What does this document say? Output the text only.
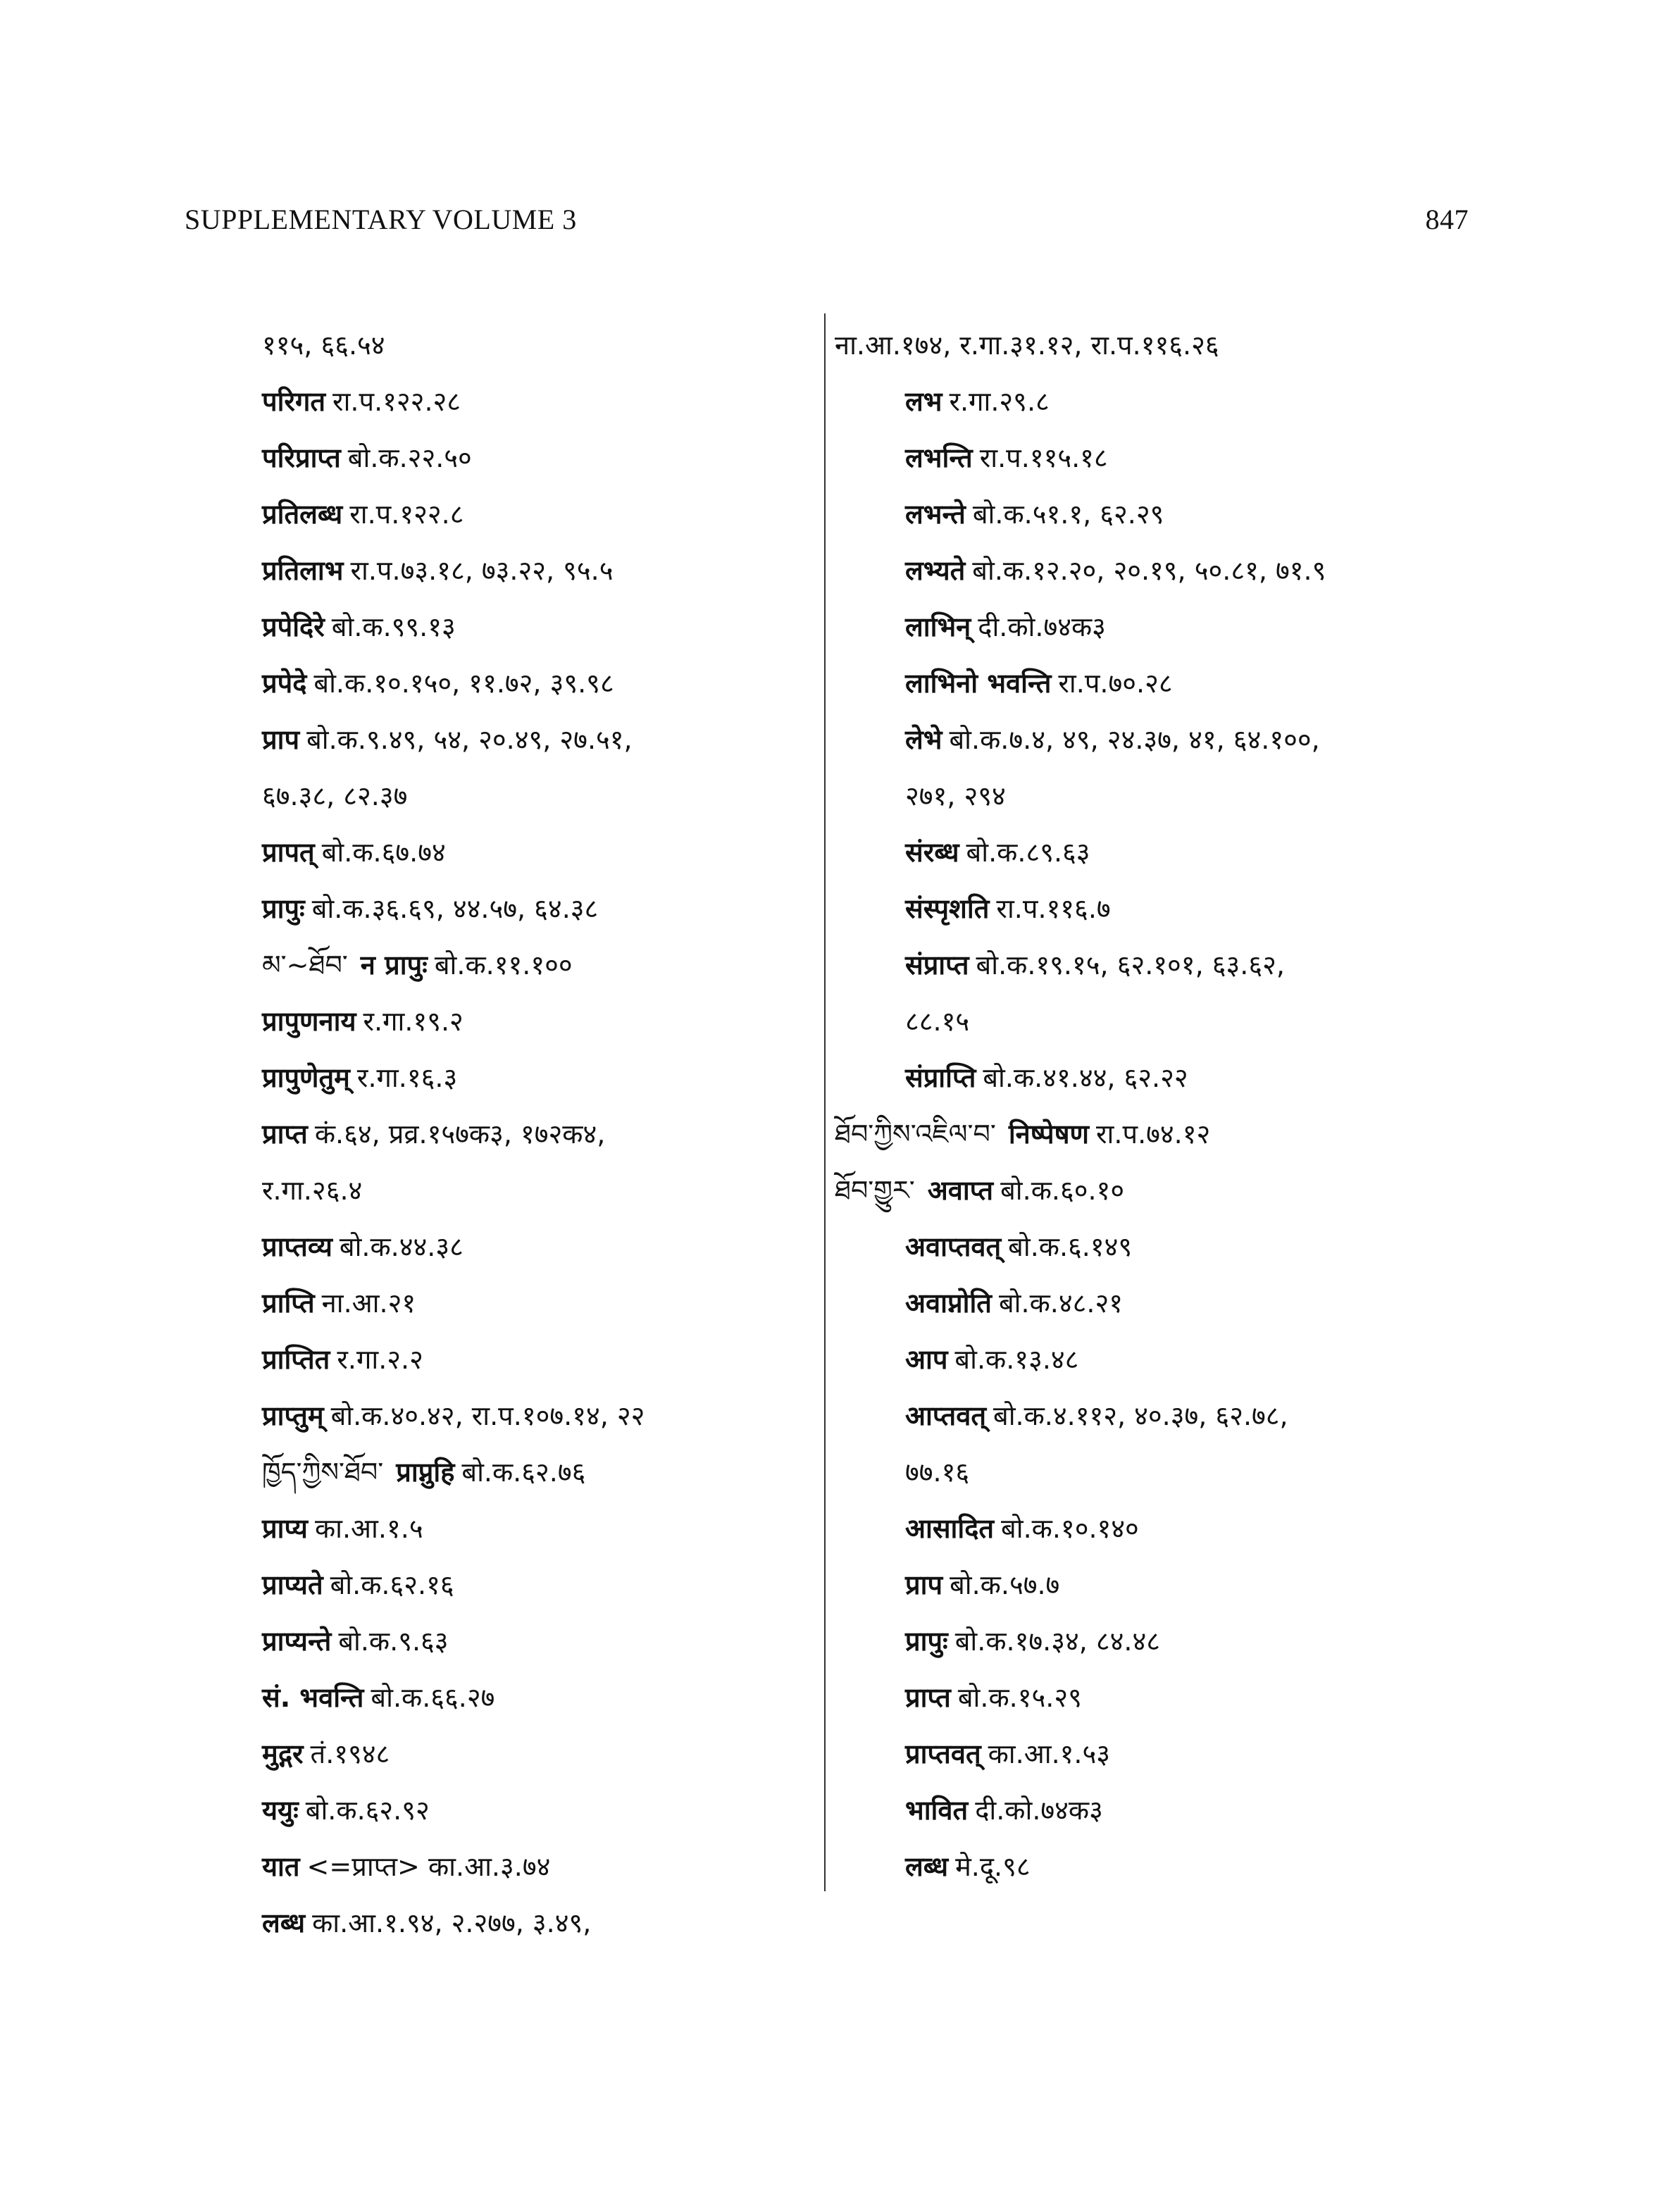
SUPPLEMENTARY VOLUME 3	847
११५, ६६.५४
परिगत रा.प.१२२.२८
परिप्राप्त बो.क.२२.५०
प्रतिलब्ध रा.प.१२२.८
प्रतिलाभ रा.प.७३.१८, ७३.२२, ९५.५
प्रपेदिरे बो.क.९९.१३
प्रपेदे बो.क.१०.१५०, ११.७२, ३९.९८
प्राप बो.क.९.४९, ५४, २०.४९, २७.५१,
६७.३८, ८२.३७
प्रापत् बो.क.६७.७४
प्रापुः बो.क.३६.६९, ४४.५७, ६४.३८
མ་~ཐོབ་ न प्रापुः बो.क.११.१००
प्रापुणनाय र.गा.१९.२
प्रापुणेतुम् र.गा.१६.३
प्राप्त कं.६४, प्रव्र.१५७क३, १७२क४,
र.गा.२६.४
प्राप्तव्य बो.क.४४.३८
प्राप्ति ना.आ.२१
प्राप्तित र.गा.२.२
प्राप्तुम् बो.क.४०.४२, रा.प.१०७.१४, २२
ཁྱོད་ཀྱིས་ཐོབ་ प्राप्नुहि बो.क.६२.७६
प्राप्य का.आ.१.५
प्राप्यते बो.क.६२.१६
प्राप्यन्ते बो.क.९.६३
सं. भवन्ति बो.क.६६.२७
मुद्गर तं.१९४८
ययुः बो.क.६२.९२
यात <=प्राप्त> का.आ.३.७४
लब्ध का.आ.१.९४, २.२७७, ३.४९,
ना.आ.१७४, र.गा.३१.१२, रा.प.११६.२६
लभ र.गा.२९.८
लभन्ति रा.प.११५.१८
लभन्ते बो.क.५१.१, ६२.२९
लभ्यते बो.क.१२.२०, २०.१९, ५०.८१, ७१.९
लाभिन् दी.को.७४क३
लाभिनो भवन्ति रा.प.७०.२८
लेभे बो.क.७.४, ४९, २४.३७, ४१, ६४.१००,
२७१, २९४
संरब्ध बो.क.८९.६३
संस्पृशति रा.प.११६.७
संप्राप्त बो.क.१९.१५, ६२.१०१, ६३.६२,
८८.१५
संप्राप्ति बो.क.४१.४४, ६२.२२
ཐོབ་ཀྱིས་འཇིལ་བ་ निष्पेषण रा.प.७४.१२
ཐོབ་གྱུར་ अवाप्त बो.क.६०.१०
अवाप्तवत् बो.क.६.१४९
अवाप्नोति बो.क.४८.२१
आप बो.क.१३.४८
आप्तवत् बो.क.४.११२, ४०.३७, ६२.७८,
७७.१६
आसादित बो.क.१०.१४०
प्राप बो.क.५७.७
प्रापुः बो.क.१७.३४, ८४.४८
प्राप्त बो.क.१५.२९
प्राप्तवत् का.आ.१.५३
भावित दी.को.७४क३
लब्ध मे.दू.९८
